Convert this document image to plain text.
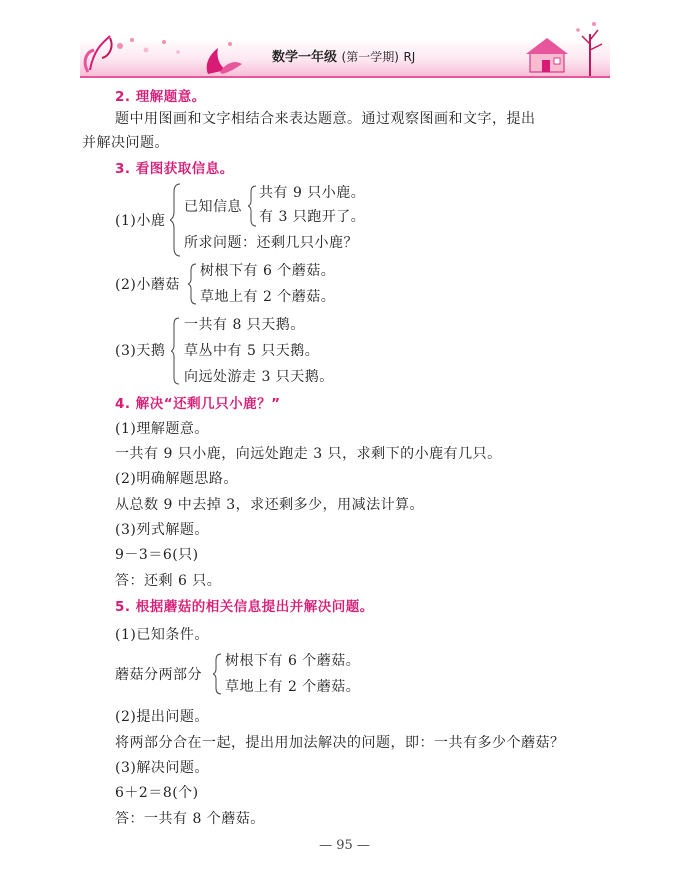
数学一年级 (第一学期) RJ
2. 理解题意。
题中用图画和文字相结合来表达题意。通过观察图画和文字，提出
并解决问题。
3. 看图获取信息。
(1)小鹿
已知信息
共有 9 只小鹿。
有 3 只跑开了。
所求问题：还剩几只小鹿？
(2)小蘑菇
树根下有 6 个蘑菇。
草地上有 2 个蘑菇。
(3)天鹅
一共有 8 只天鹅。
草丛中有 5 只天鹅。
向远处游走 3 只天鹅。
4. 解决“还剩几只小鹿？”
(1)理解题意。
一共有 9 只小鹿，向远处跑走 3 只，求剩下的小鹿有几只。
(2)明确解题思路。
从总数 9 中去掉 3，求还剩多少，用减法计算。
(3)列式解题。
9－3＝6(只)
答：还剩 6 只。
5. 根据蘑菇的相关信息提出并解决问题。
(1)已知条件。
蘑菇分两部分
树根下有 6 个蘑菇。
草地上有 2 个蘑菇。
(2)提出问题。
将两部分合在一起，提出用加法解决的问题，即：一共有多少个蘑菇？
(3)解决问题。
6＋2＝8(个)
答：一共有 8 个蘑菇。
— 95 —
